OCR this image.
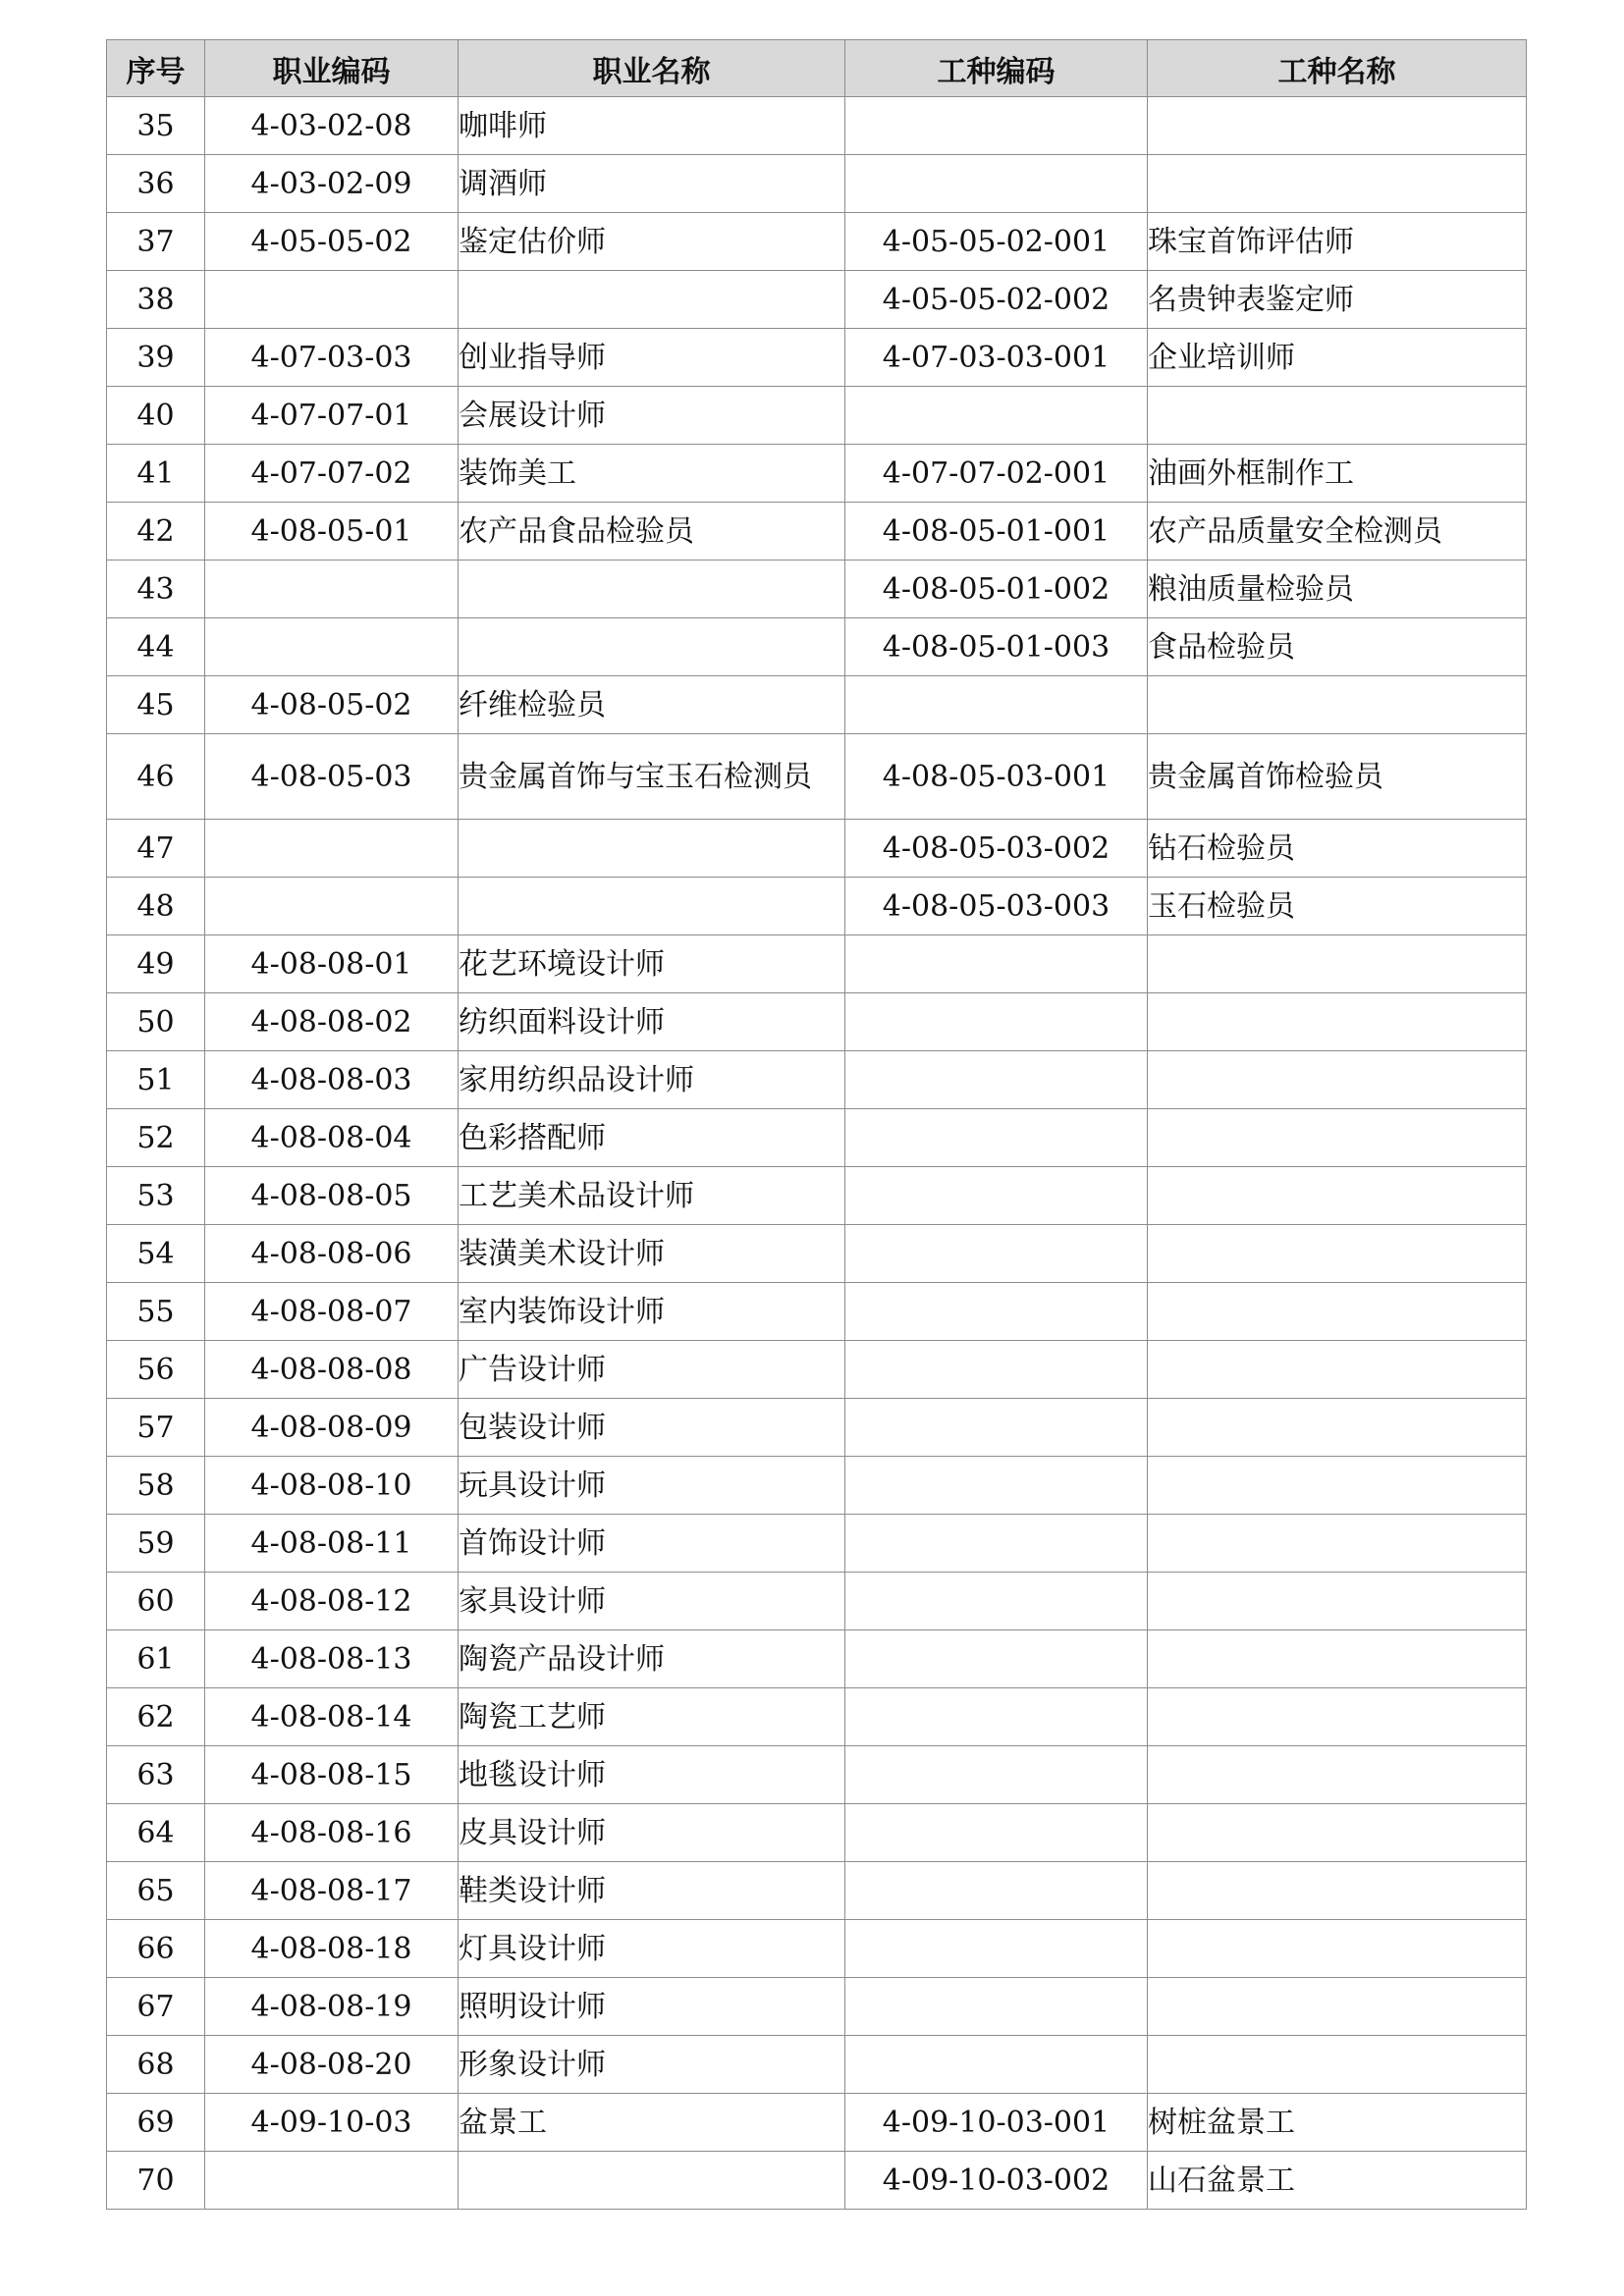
序号	职业编码	职业名称	工种编码	工种名称
35	4-03-02-08	咖啡师		
36	4-03-02-09	调酒师		
37	4-05-05-02	鉴定估价师	4-05-05-02-001	珠宝首饰评估师
38			4-05-05-02-002	名贵钟表鉴定师
39	4-07-03-03	创业指导师	4-07-03-03-001	企业培训师
40	4-07-07-01	会展设计师		
41	4-07-07-02	装饰美工	4-07-07-02-001	油画外框制作工
42	4-08-05-01	农产品食品检验员	4-08-05-01-001	农产品质量安全检测员
43			4-08-05-01-002	粮油质量检验员
44			4-08-05-01-003	食品检验员
45	4-08-05-02	纤维检验员		
46	4-08-05-03	贵金属首饰与宝玉石检测员	4-08-05-03-001	贵金属首饰检验员
47			4-08-05-03-002	钻石检验员
48			4-08-05-03-003	玉石检验员
49	4-08-08-01	花艺环境设计师		
50	4-08-08-02	纺织面料设计师		
51	4-08-08-03	家用纺织品设计师		
52	4-08-08-04	色彩搭配师		
53	4-08-08-05	工艺美术品设计师		
54	4-08-08-06	装潢美术设计师		
55	4-08-08-07	室内装饰设计师		
56	4-08-08-08	广告设计师		
57	4-08-08-09	包装设计师		
58	4-08-08-10	玩具设计师		
59	4-08-08-11	首饰设计师		
60	4-08-08-12	家具设计师		
61	4-08-08-13	陶瓷产品设计师		
62	4-08-08-14	陶瓷工艺师		
63	4-08-08-15	地毯设计师		
64	4-08-08-16	皮具设计师		
65	4-08-08-17	鞋类设计师		
66	4-08-08-18	灯具设计师		
67	4-08-08-19	照明设计师		
68	4-08-08-20	形象设计师		
69	4-09-10-03	盆景工	4-09-10-03-001	树桩盆景工
70			4-09-10-03-002	山石盆景工
